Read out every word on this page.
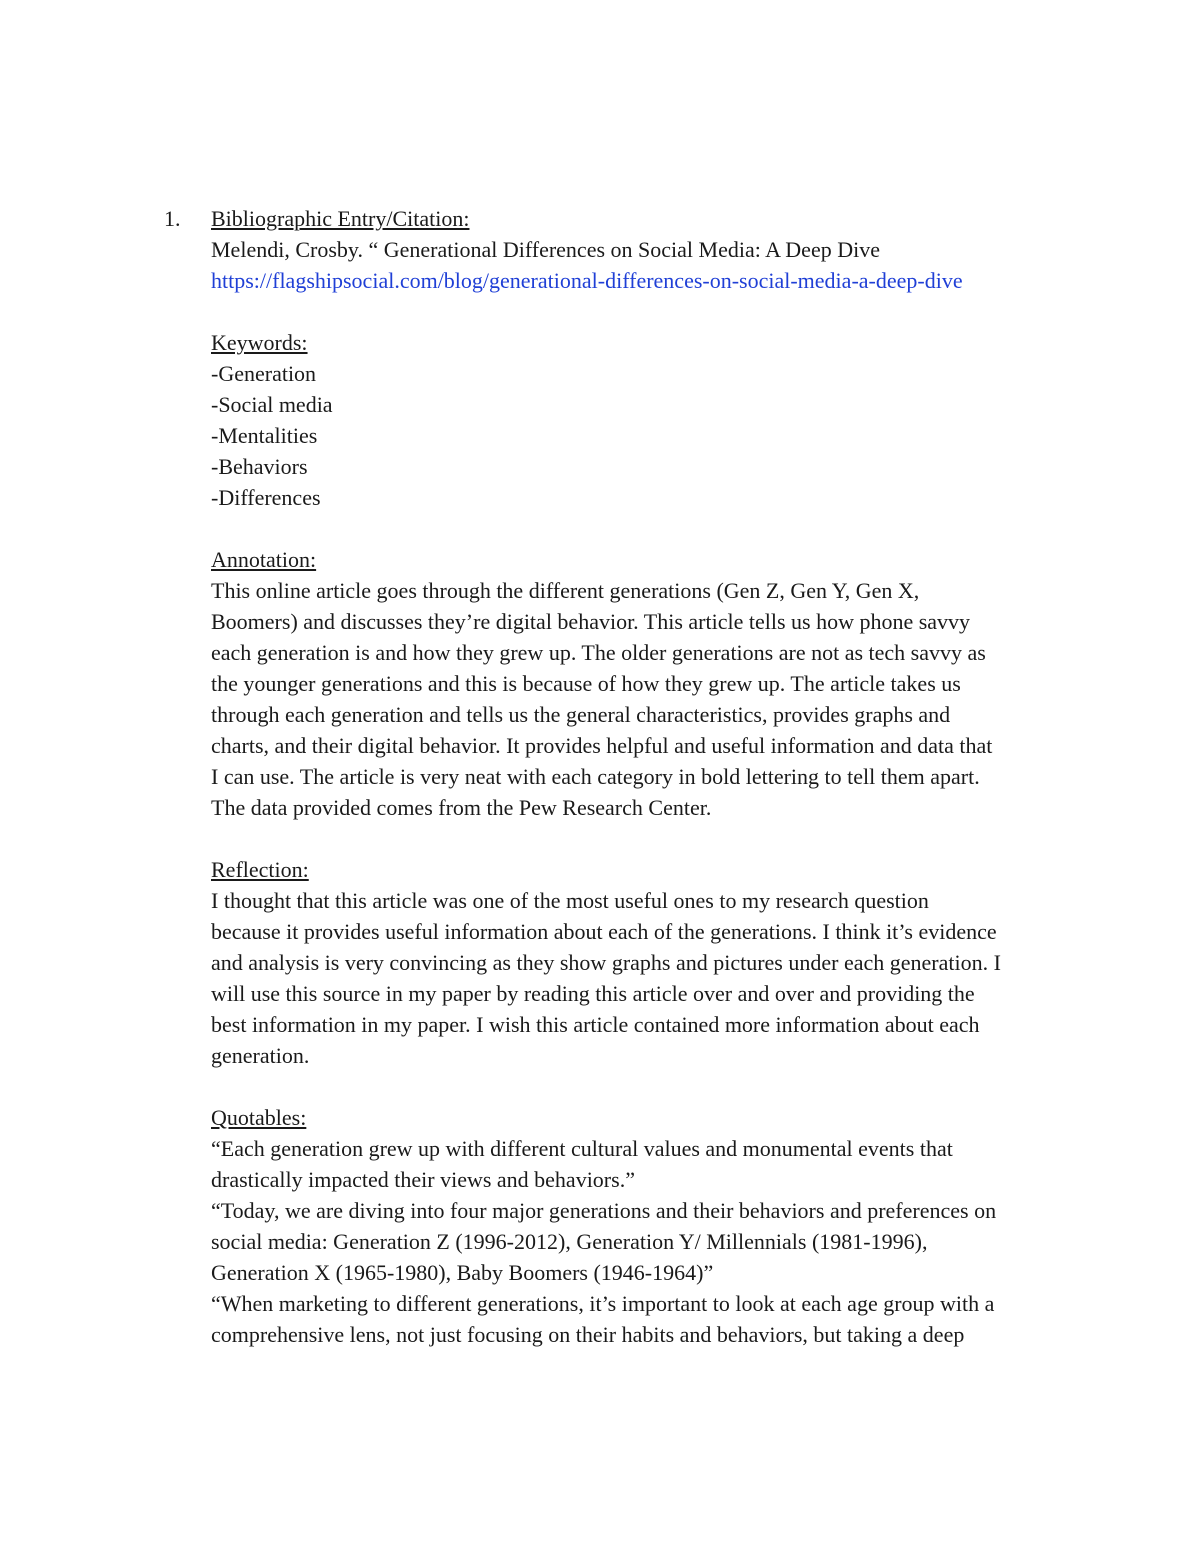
1. Bibliographic Entry/Citation:

Melendi, Crosby. “ Generational Differences on Social Media: A Deep Dive

https://flagshipsocial.com/blog/generational-differences-on-social-media-a-deep-dive

Keywords:

-Generation
-Social media
-Mentalities
-Behaviors
-Differences

Annotation:

This online article goes through the different generations (Gen Z, Gen Y, Gen X,

Boomers) and discusses they’re digital behavior. This article tells us how phone savvy

each generation is and how they grew up. The older generations are not as tech savvy as

the younger generations and this is because of how they grew up. The article takes us

through each generation and tells us the general characteristics, provides graphs and

charts, and their digital behavior. It provides helpful and useful information and data that

I can use. The article is very neat with each category in bold lettering to tell them apart.

The data provided comes from the Pew Research Center.

Reflection:

I thought that this article was one of the most useful ones to my research question

because it provides useful information about each of the generations. I think it’s evidence

and analysis is very convincing as they show graphs and pictures under each generation. I

will use this source in my paper by reading this article over and over and providing the

best information in my paper. I wish this article contained more information about each

generation.

Quotables:

“Each generation grew up with different cultural values and monumental events that

drastically impacted their views and behaviors.”

“Today, we are diving into four major generations and their behaviors and preferences on

social media: Generation Z (1996-2012), Generation Y/ Millennials (1981-1996),

Generation X (1965-1980), Baby Boomers (1946-1964)”

“When marketing to different generations, it’s important to look at each age group with a

comprehensive lens, not just focusing on their habits and behaviors, but taking a deep
